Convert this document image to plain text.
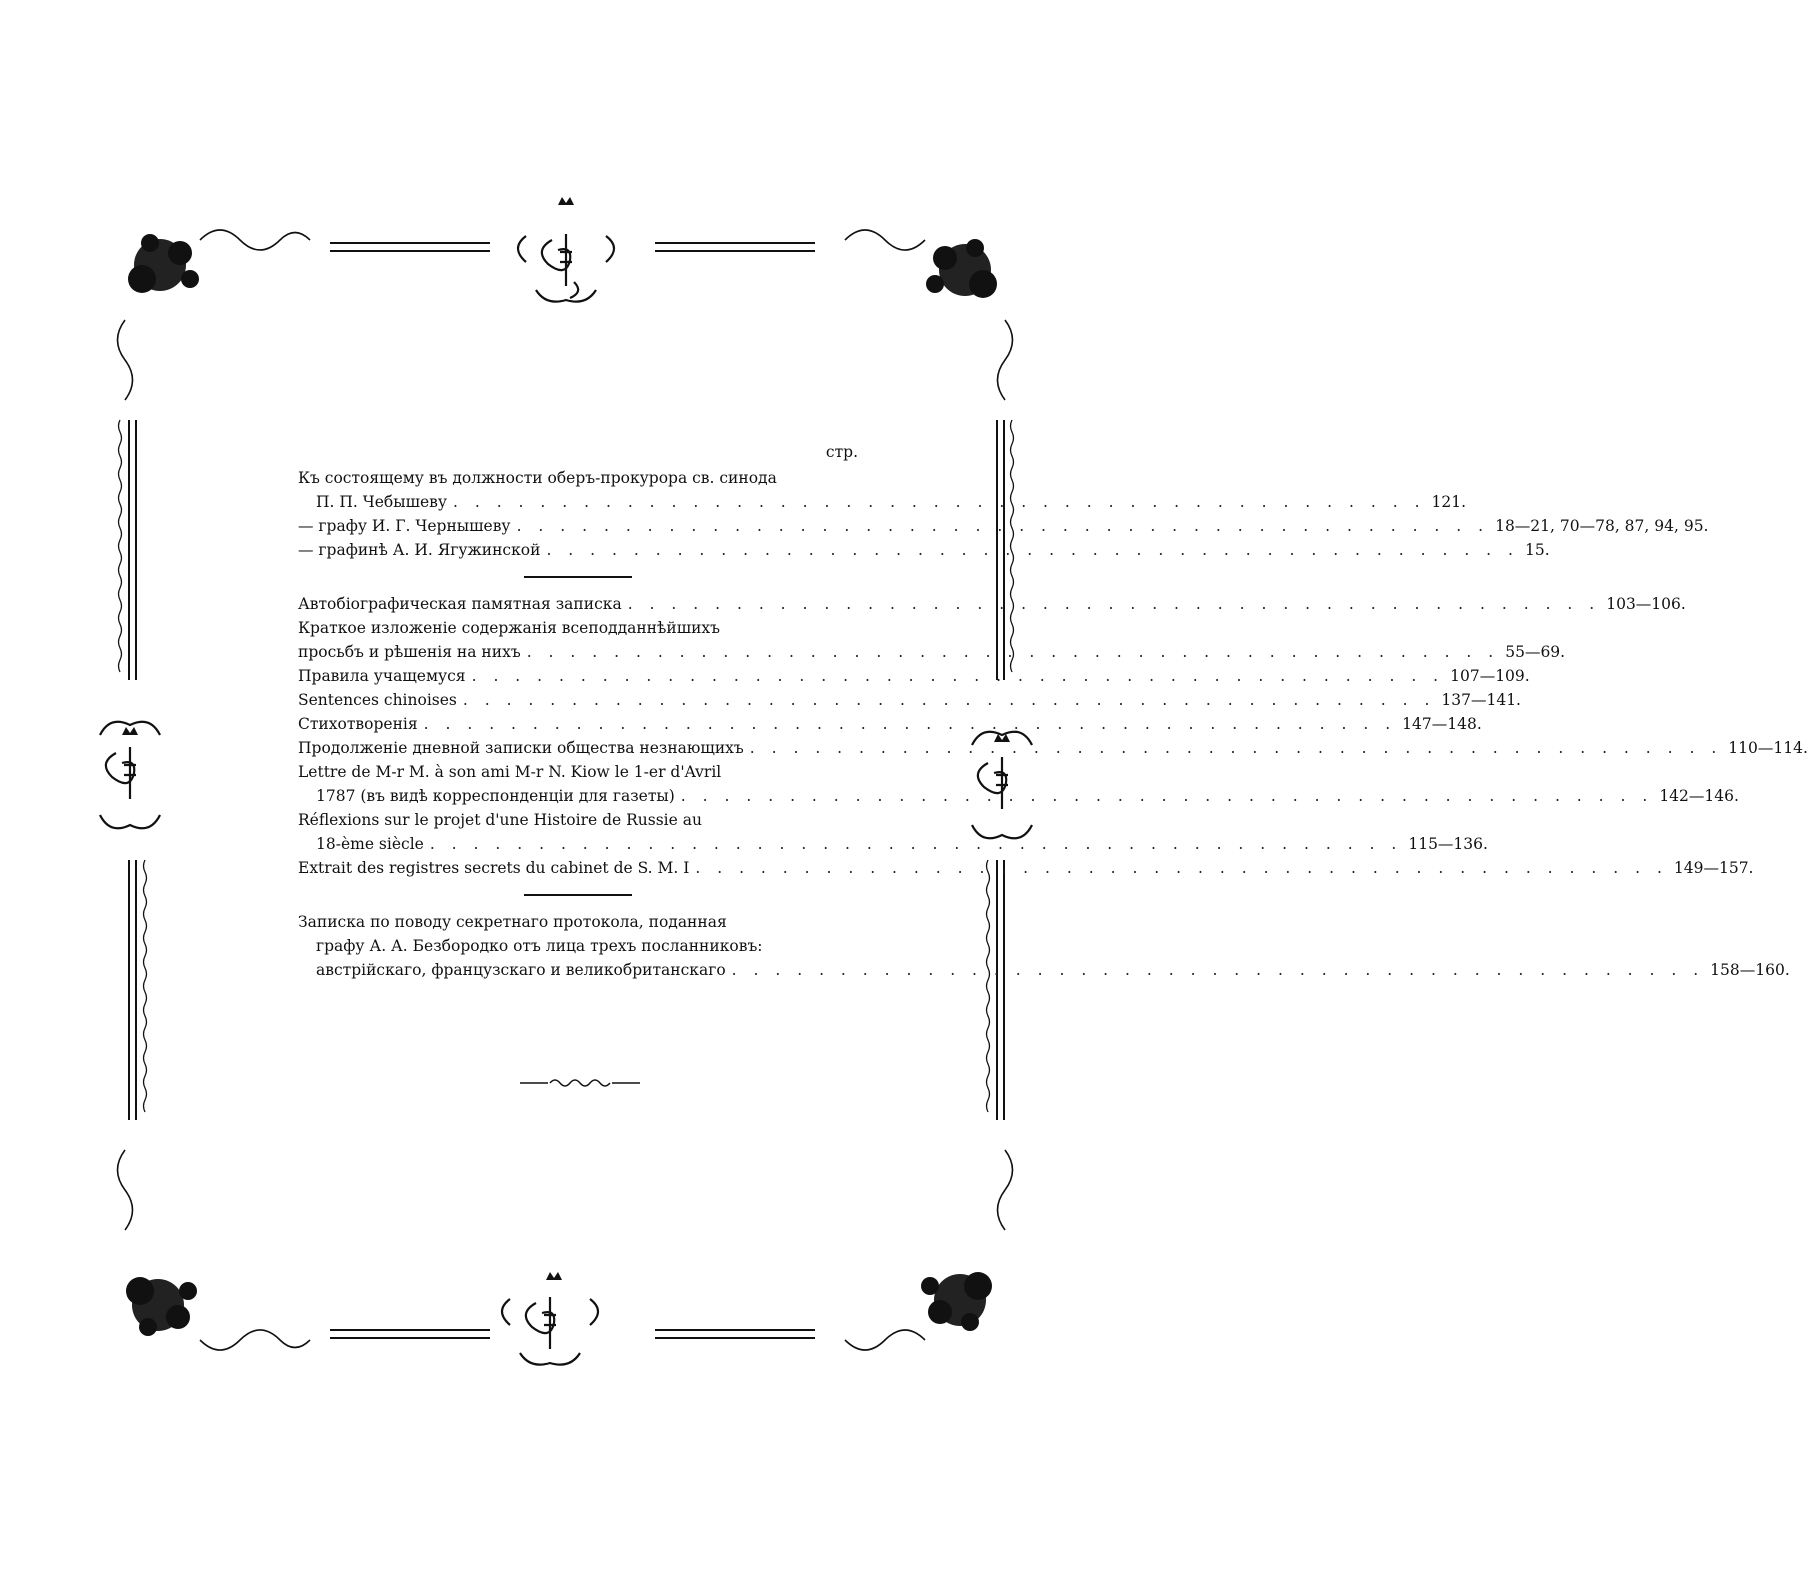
стр.
Къ состоящему въ должности оберъ-прокурора св. синода
П. П. Чебышеву . . .	121.
— графу И. Г. Чернышеву . . .	18—21, 70—78, 87, 94, 95.
— графинѣ А. И. Ягужинской . . .	15.
Автобіографическая памятная записка . . .	103—106.
Краткое изложеніе содержанія всеподданнѣйшихъ
просьбъ и рѣшенія на нихъ . . .	55—69.
Правила учащемуся . . .	107—109.
Sentences chinoises . . .	137—141.
Стихотворенія . . .	147—148.
Продолженіе дневной записки общества незнающихъ . . .	110—114.
Lettre de M-r M. à son ami M-r N. Kiow le 1-er d'Avril
1787 (въ видѣ корреспонденціи для газеты) . . .	142—146.
Réflexions sur le projet d'une Histoire de Russie au
18-ème siècle . . .	115—136.
Extrait des registres secrets du cabinet de S. M. I . . .	149—157.
Записка по поводу секретнаго протокола, поданная
графу А. А. Безбородко отъ лица трехъ посланниковъ:
австрійскаго, французскаго и великобританскаго . . .	158—160.
